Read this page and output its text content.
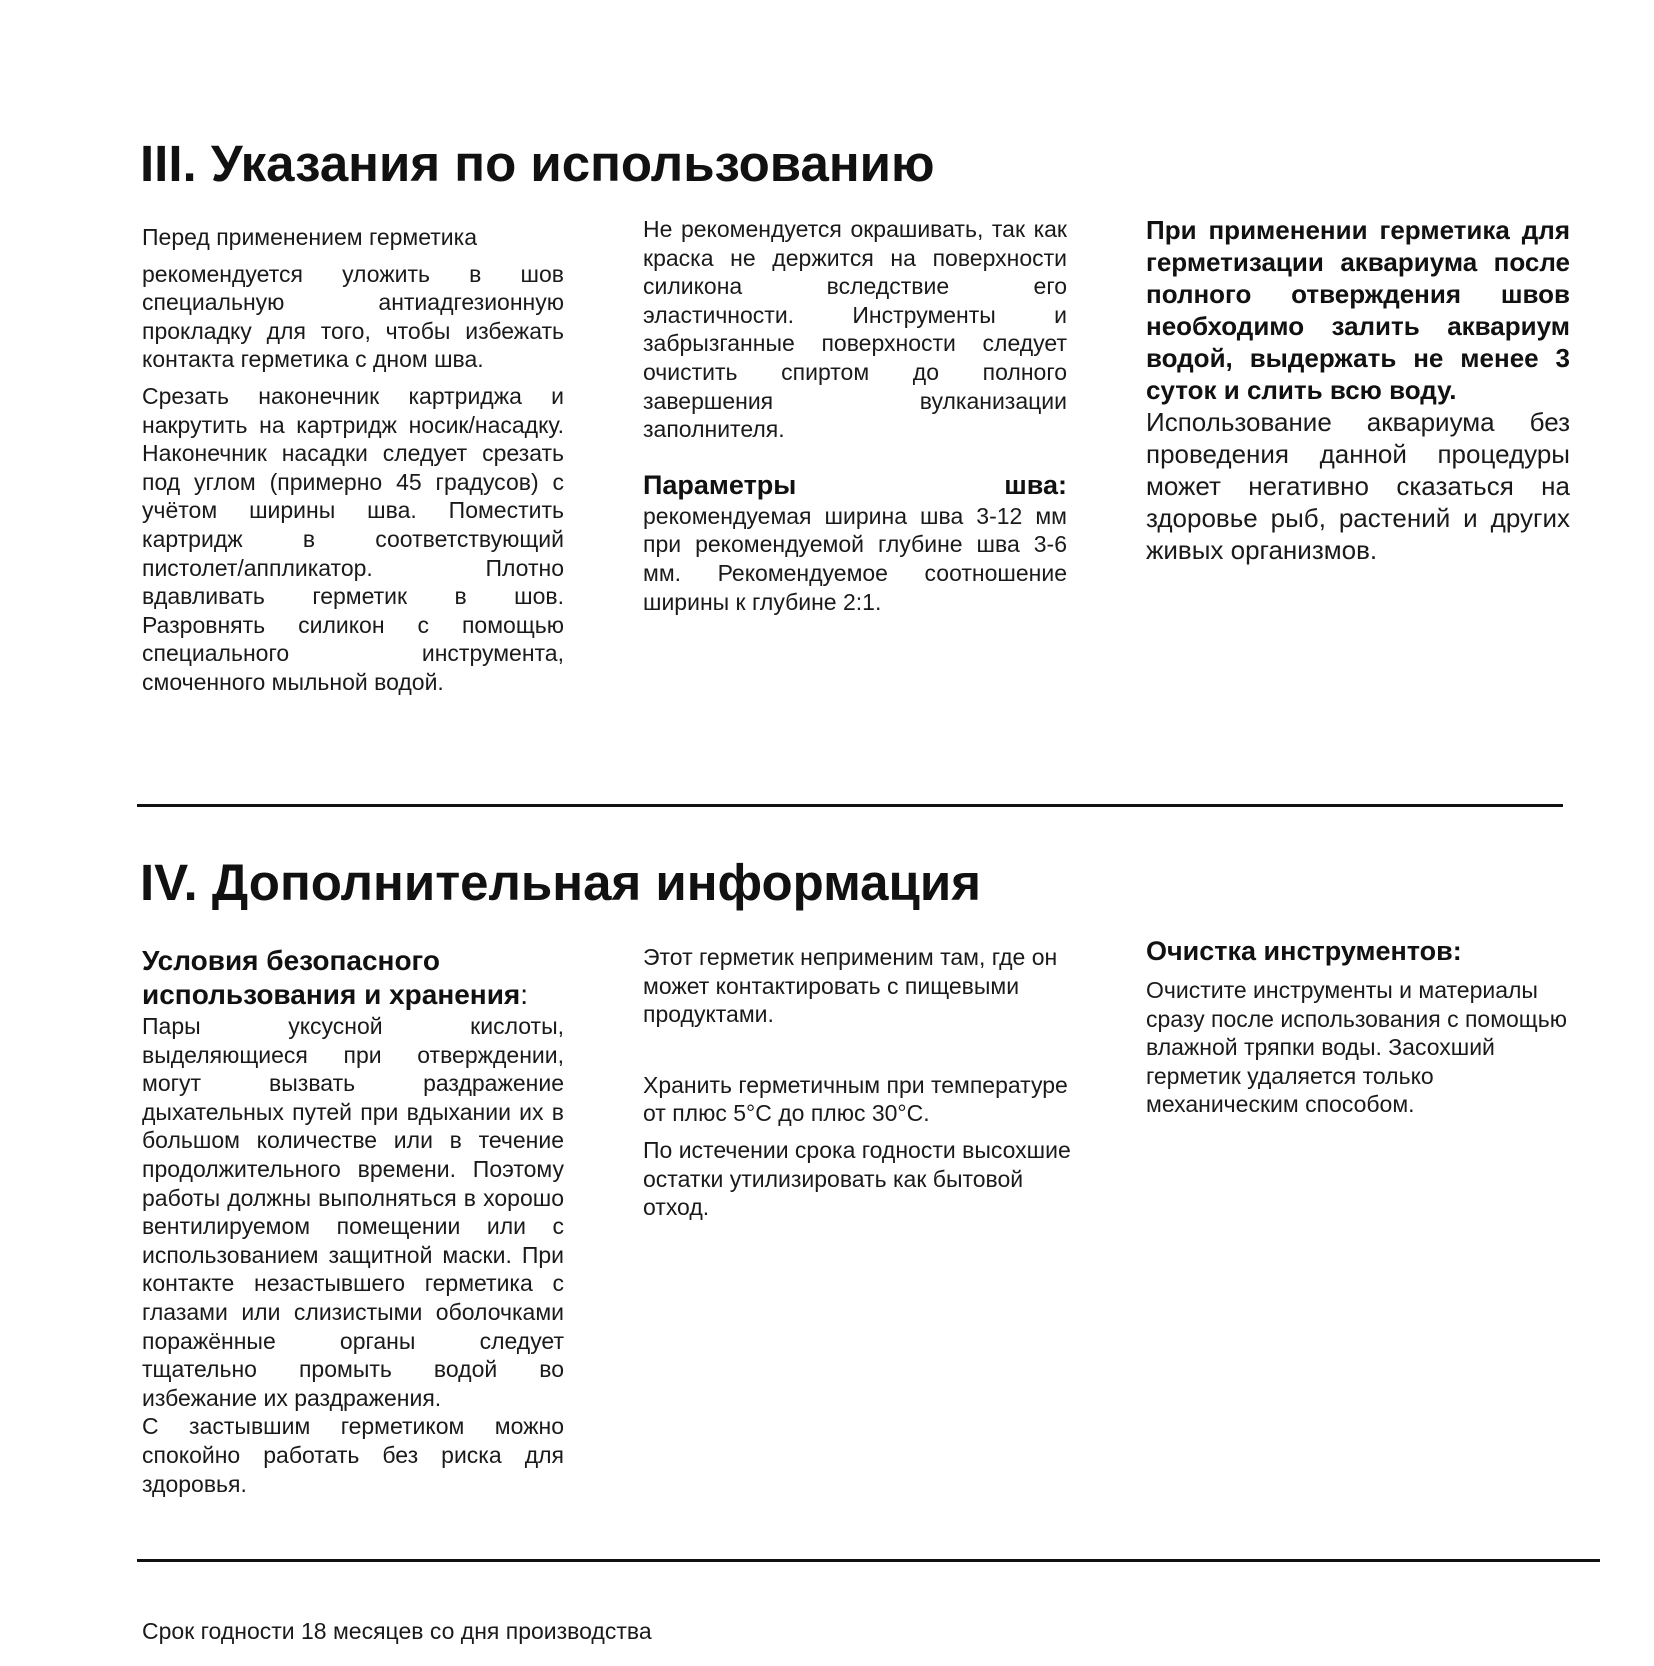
III. Указания по использованию

Перед применением герметика

рекомендуется уложить в шов специальную антиадгезионную прокладку для того, чтобы избежать контакта герметика с дном шва.

Срезать наконечник картриджа и накрутить на картридж носик/насадку. Наконечник насадки следует срезать под углом (примерно 45 градусов) с учётом ширины шва. Поместить картридж в соответствующий пистолет/аппликатор. Плотно вдавливать герметик в шов. Разровнять силикон с помощью специального инструмента, смоченного мыльной водой.

Не рекомендуется окрашивать, так как краска не держится на поверхности силикона вследствие его эластичности. Инструменты и забрызганные поверхности следует очистить спиртом до полного завершения вулканизации заполнителя.

Параметры шва:

рекомендуемая ширина шва 3-12 мм при рекомендуемой глубине шва 3-6 мм. Рекомендуемое соотношение ширины к глубине 2:1.

При применении герметика для герметизации аквариума после полного отверждения швов необходимо залить аквариум водой, выдержать не менее 3 суток и слить всю воду.

Использование аквариума без проведения данной процедуры может негативно сказаться на здоровье рыб, растений и других живых организмов.

IV. Дополнительная информация

Условия безопасного использования и хранения:

Пары уксусной кислоты, выделяющиеся при отверждении, могут вызвать раздражение дыхательных путей при вдыхании их в большом количестве или в течение продолжительного времени. Поэтому работы должны выполняться в хорошо вентилируемом помещении или с использованием защитной маски. При контакте незастывшего герметика с глазами или слизистыми оболочками поражённые органы следует тщательно промыть водой во избежание их раздражения.

С застывшим герметиком можно спокойно работать без риска для здоровья.

Этот герметик неприменим там, где он может контактировать с пищевыми продуктами.

Хранить герметичным при температуре от плюс 5°С до плюс 30°С.

По истечении срока годности высохшие остатки утилизировать как бытовой отход.

Очистка инструментов:

Очистите инструменты и материалы сразу после использования с помощью влажной тряпки воды. Засохший герметик удаляется только механическим способом.

Срок годности 18 месяцев со дня производства
